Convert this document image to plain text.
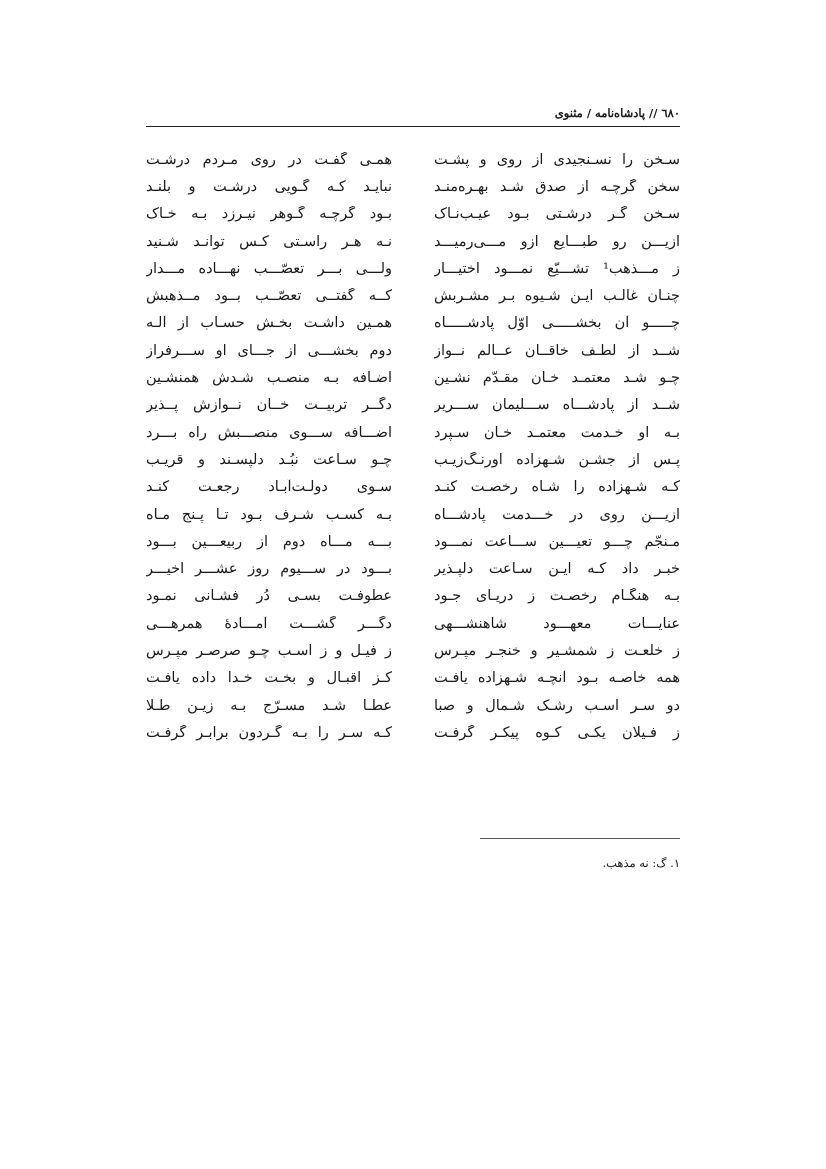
٦٨٠ // پادشاه‌نامه / مثنوی
سـخن را نسـنجیدی از روی و پشـت
همـی گفـت در روی مـردم درشـت
سخن گرچـه از صدق شـد بهـره‌منـد
نبایـد کـه گـویی درشـت و بلنـد
سـخن گـر درشـتی بـود عیـب‌نـاک
بـود گرچـه گـوهر نیـرزد بـه خـاک
ازیـــن رو طبـــایع ازو مـــی‌رمیـــد
نـه هـر راسـتی کـس توانـد شـنید
ز مـــذهب¹ تشـــیّع نمـــود اختیـــار
ولـــی بـــر تعصّـــب نهـــاده مـــدار
چنـان غالـب ایـن شـیوه بـر مشـربش
کــه گفتــی تعصّــب بــود مــذهبش
چـــــو آن بخشـــــی اوّل پادشـــــاه
همـین داشـت بخـش حسـاب از آلـه
شــد از لطـف خاقــان عــالم نــواز
دوم بخشـــی از جـــای او ســـرفراز
چـو شـد معتمـد خـان مقـدّم نشـین
اضـافه بـه منصـب شـدش همنشـین
شــد از پادشـــاه ســـلیمان ســـریر
دگــر تربیــت خــان نــوازش پــذیر
بـه او خـدمت معتمـد خـان سـپرد
اضـــافه ســـوی منصـــبش راه بـــرد
پـس از جشـن شـهزاده اورنـگ‌زیـب
چـو سـاعت نبُـد دلپسـند و قریـب
کـه شـهزاده را شـاه رخصـت کنـد
سـوی دولـت‌آبـاد رجعـت کنـد
ازیـــن روی در خـــدمت پادشـــاه
بـه کسـب شـرف بـود تـا پـنج مـاه
مـنجّم چـــو تعیـــین ســـاعت نمـــود
بـــه مـــاه دوم از ربیعـــین بـــود
خبـر داد کـه ایـن سـاعت دلپـذیر
بـــود در ســـیوم روز عشـــر اخیـــر
بـه هنگـام رخصـت ز دریـای جـود
عطوفـت بسـی دُر فشـانی نمـود
عنایـــات معهـــود شاهنشـــهی
دگـــر گشـــت آمـــادهٔ همرهـــی
ز خلعـت ز شمشـیر و خنجـر مپـرس
ز فیـل و ز اسـب چـو صرصـر مپـرس
همه خاصـه بـود آنچـه شـهزاده یافـت
کـز اقبـال و بخـت خـدا داده یافـت
دو سـر اسـب رشـک شـمال و صبا
عطـا شـد مسـرّج بـه زیـن طـلا
ز فـیلان یکـی کـوه پیکـر گرفـت
کـه سـر را بـه گـردون برابـر گرفـت
۱. گ: نه مذهب.
